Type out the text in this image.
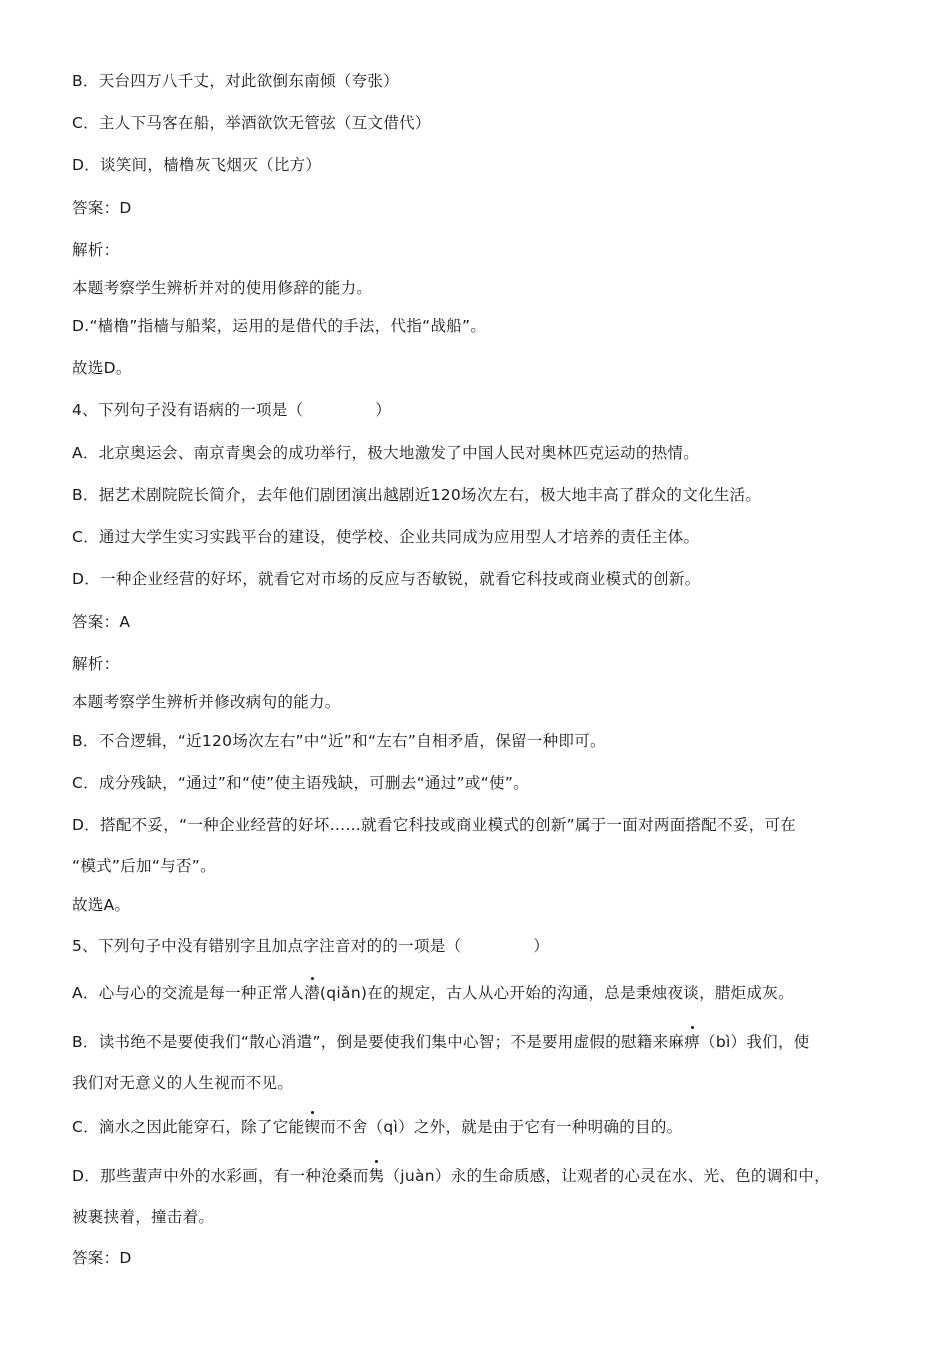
B．天台四万八千丈，对此欲倒东南倾（夸张）
C．主人下马客在船，举酒欲饮无管弦（互文借代）
D．谈笑间，樯橹灰飞烟灭（比方）
答案：D
解析：
本题考察学生辨析并对的使用修辞的能力。
D.“樯橹”指樯与船桨，运用的是借代的手法，代指“战船”。
故选D。
4、下列句子没有语病的一项是（	）
A．北京奥运会、南京青奥会的成功举行，极大地激发了中国人民对奥林匹克运动的热情。
B．据艺术剧院院长简介，去年他们剧团演出越剧近120场次左右，极大地丰高了群众的文化生活。
C．通过大学生实习实践平台的建设，使学校、企业共同成为应用型人才培养的责任主体。
D．一种企业经营的好坏，就看它对市场的反应与否敏锐，就看它科技或商业模式的创新。
答案：A
解析：
本题考察学生辨析并修改病句的能力。
B．不合逻辑，“近120场次左右”中“近”和“左右”自相矛盾，保留一种即可。
C．成分残缺，“通过”和“使”使主语残缺，可删去“通过”或“使”。
D．搭配不妥，“一种企业经营的好坏……就看它科技或商业模式的创新”属于一面对两面搭配不妥，可在
“模式”后加“与否”。
故选A。
5、下列句子中没有错别字且加点字注音对的的一项是（	）
A．心与心的交流是每一种正常人潜(qiǎn)在的规定，古人从心开始的沟通，总是秉烛夜谈，腊炬成灰。
B．读书绝不是要使我们“散心消遣”，倒是要使我们集中心智；不是要用虚假的慰籍来麻痹（bì）我们，使
我们对无意义的人生视而不见。
C．滴水之因此能穿石，除了它能锲而不舍（qì）之外，就是由于它有一种明确的目的。
D．那些蜚声中外的水彩画，有一种沧桑而隽（juàn）永的生命质感，让观者的心灵在水、光、色的调和中，
被裹挟着，撞击着。
答案：D
